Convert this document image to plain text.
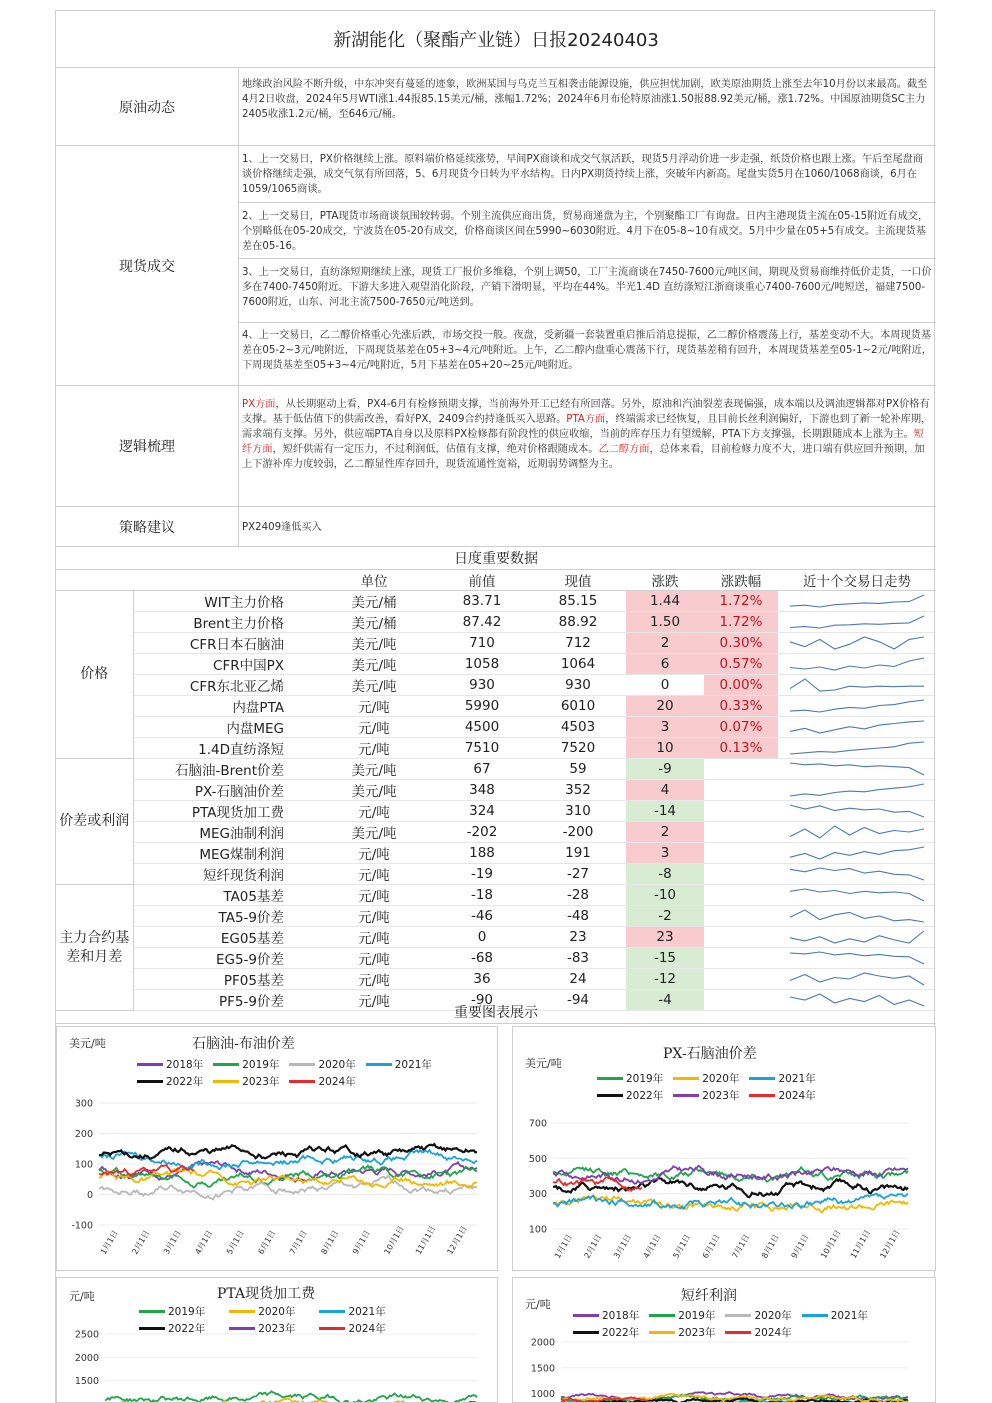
新湖能化（聚酯产业链）日报20240403
原油动态
地缘政治风险不断升级，中东冲突有蔓延的迹象，欧洲某国与乌克兰互相袭击能源设施，供应担忧加剧，欧美原油期货上涨至去年10月份以来最高。截至4月2日收盘，2024年5月WTI涨1.44报85.15美元/桶，涨幅1.72%；2024年6月布伦特原油涨1.50报88.92美元/桶，涨1.72%。中国原油期货SC主力2405收涨1.2元/桶，至646元/桶。
现货成交
1、上一交易日，PX价格继续上涨。原料端价格延续涨势，早间PX商谈和成交气氛活跃，现货5月浮动价进一步走强，纸货价格也跟上涨。午后至尾盘商谈价格继续走强，成交气氛有所回落，5、6月现货今日转为平水结构。日内PX期货持续上涨，突破年内新高。尾盘实货5月在1060/1068商谈，6月在1059/1065商谈。
2、上一交易日，PTA现货市场商谈氛围较转弱。个别主流供应商出货，贸易商递盘为主，个别聚酯工厂有询盘。日内主港现货主流在05-15附近有成交，个别略低在05-20成交，宁波货在05-20有成交，价格商谈区间在5990~6030附近。4月下在05-8~10有成交。5月中少量在05+5有成交。主流现货基差在05-16。
3、上一交易日，直纺涤短期继续上涨，现货工厂报价多维稳，个别上调50，工厂主流商谈在7450-7600元/吨区间，期现及贸易商维持低价走货，一口价多在7400-7450附近。下游大多进入观望消化阶段，产销下滑明显，平均在44%。半光1.4D 直纺涤短江浙商谈重心7400-7600元/吨短送，福建7500-7600附近，山东、河北主流7500-7650元/吨送到。
4、上一交易日，乙二醇价格重心先涨后跌，市场交投一般。夜盘，受新疆一套装置重启推后消息提振，乙二醇价格震荡上行，基差变动不大。本周现货基差在05-2~3元/吨附近，下周现货基差在05+3~4元/吨附近。上午，乙二醇内盘重心震荡下行，现货基差稍有回升，本周现货基差至05-1~2元/吨附近，下周现货基差至05+3~4元/吨附近，5月下基差在05+20~25元/吨附近。
逻辑梳理
PX方面，从长期驱动上看，PX4-6月有检修预期支撑，当前海外开工已经有所回落。另外，原油和汽油裂差表现偏强，成本端以及调油逻辑都对PX价格有支撑。基于低估值下的供需改善，看好PX，2409合约持逢低买入思路。PTA方面，终端需求已经恢复，且目前长丝利润偏好，下游也到了新一轮补库期，需求端有支撑。另外，供应端PTA自身以及原料PX检修都有阶段性的供应收缩，当前的库存压力有望缓解，PTA下方支撑强，长期跟随成本上涨为主。短纤方面，短纤供需有一定压力，不过利润低，估值有支撑，绝对价格跟随成本。乙二醇方面，总体来看，目前检修力度不大，进口端有供应回升预期，加上下游补库力度较弱，乙二醇显性库存回升，现货流通性宽裕，近期弱势调整为主。
策略建议	PX2409逢低买入
日度重要数据
		单位	前值	现值	涨跌	涨跌幅	近十个交易日走势
价格	WIT主力价格	美元/桶	83.71	85.15	1.44	1.72%	

	Brent主力价格	美元/桶	87.42	88.92	1.50	1.72%	

	CFR日本石脑油	美元/吨	710	712	2	0.30%	

	CFR中国PX	美元/吨	1058	1064	6	0.57%	

	CFR东北亚乙烯	美元/吨	930	930	0	0.00%	

	内盘PTA	元/吨	5990	6010	20	0.33%	

	内盘MEG	元/吨	4500	4503	3	0.07%	

	1.4D直纺涤短	元/吨	7510	7520	10	0.13%	

价差或利润	石脑油-Brent价差	美元/吨	67	59	-9		

	PX-石脑油价差	美元/吨	348	352	4		

	PTA现货加工费	元/吨	324	310	-14		

	MEG油制利润	美元/吨	-202	-200	2		

	MEG煤制利润	元/吨	188	191	3		

	短纤现货利润	元/吨	-19	-27	-8		

主力合约基差和月差	TA05基差	元/吨	-18	-28	-10		

	TA5-9价差	元/吨	-46	-48	-2		

	EG05基差	元/吨	0	23	23		

	EG5-9价差	元/吨	-68	-83	-15		

	PF05基差	元/吨	36	24	-12		

	PF5-9价差	元/吨	-90	-94	-4		
重要图表展示
美元/吨	石脑油-布油价差
2018年	2019年	2020年	2021年
2022年	2023年	2024年
300
200
100
0
-100
1月1日 2月1日 3月1日 4月1日 5月1日 6月1日 7月1日 8月1日 9月1日 10月1日 11月1日 12月1日
美元/吨
PX-石脑油价差
2019年	2020年	2021年
2022年	2023年	2024年
700
500
300
100
1月1日 2月1日 3月1日 4月1日 5月1日 6月1日 7月1日 8月1日 9月1日 10月1日 11月1日 12月1日
元/吨	PTA现货加工费
2019年	2020年	2021年
2022年	2023年	2024年
2500
2000
1500
元/吨
短纤利润
2018年	2019年	2020年	2021年
2022年	2023年	2024年
2000
1500
1000
